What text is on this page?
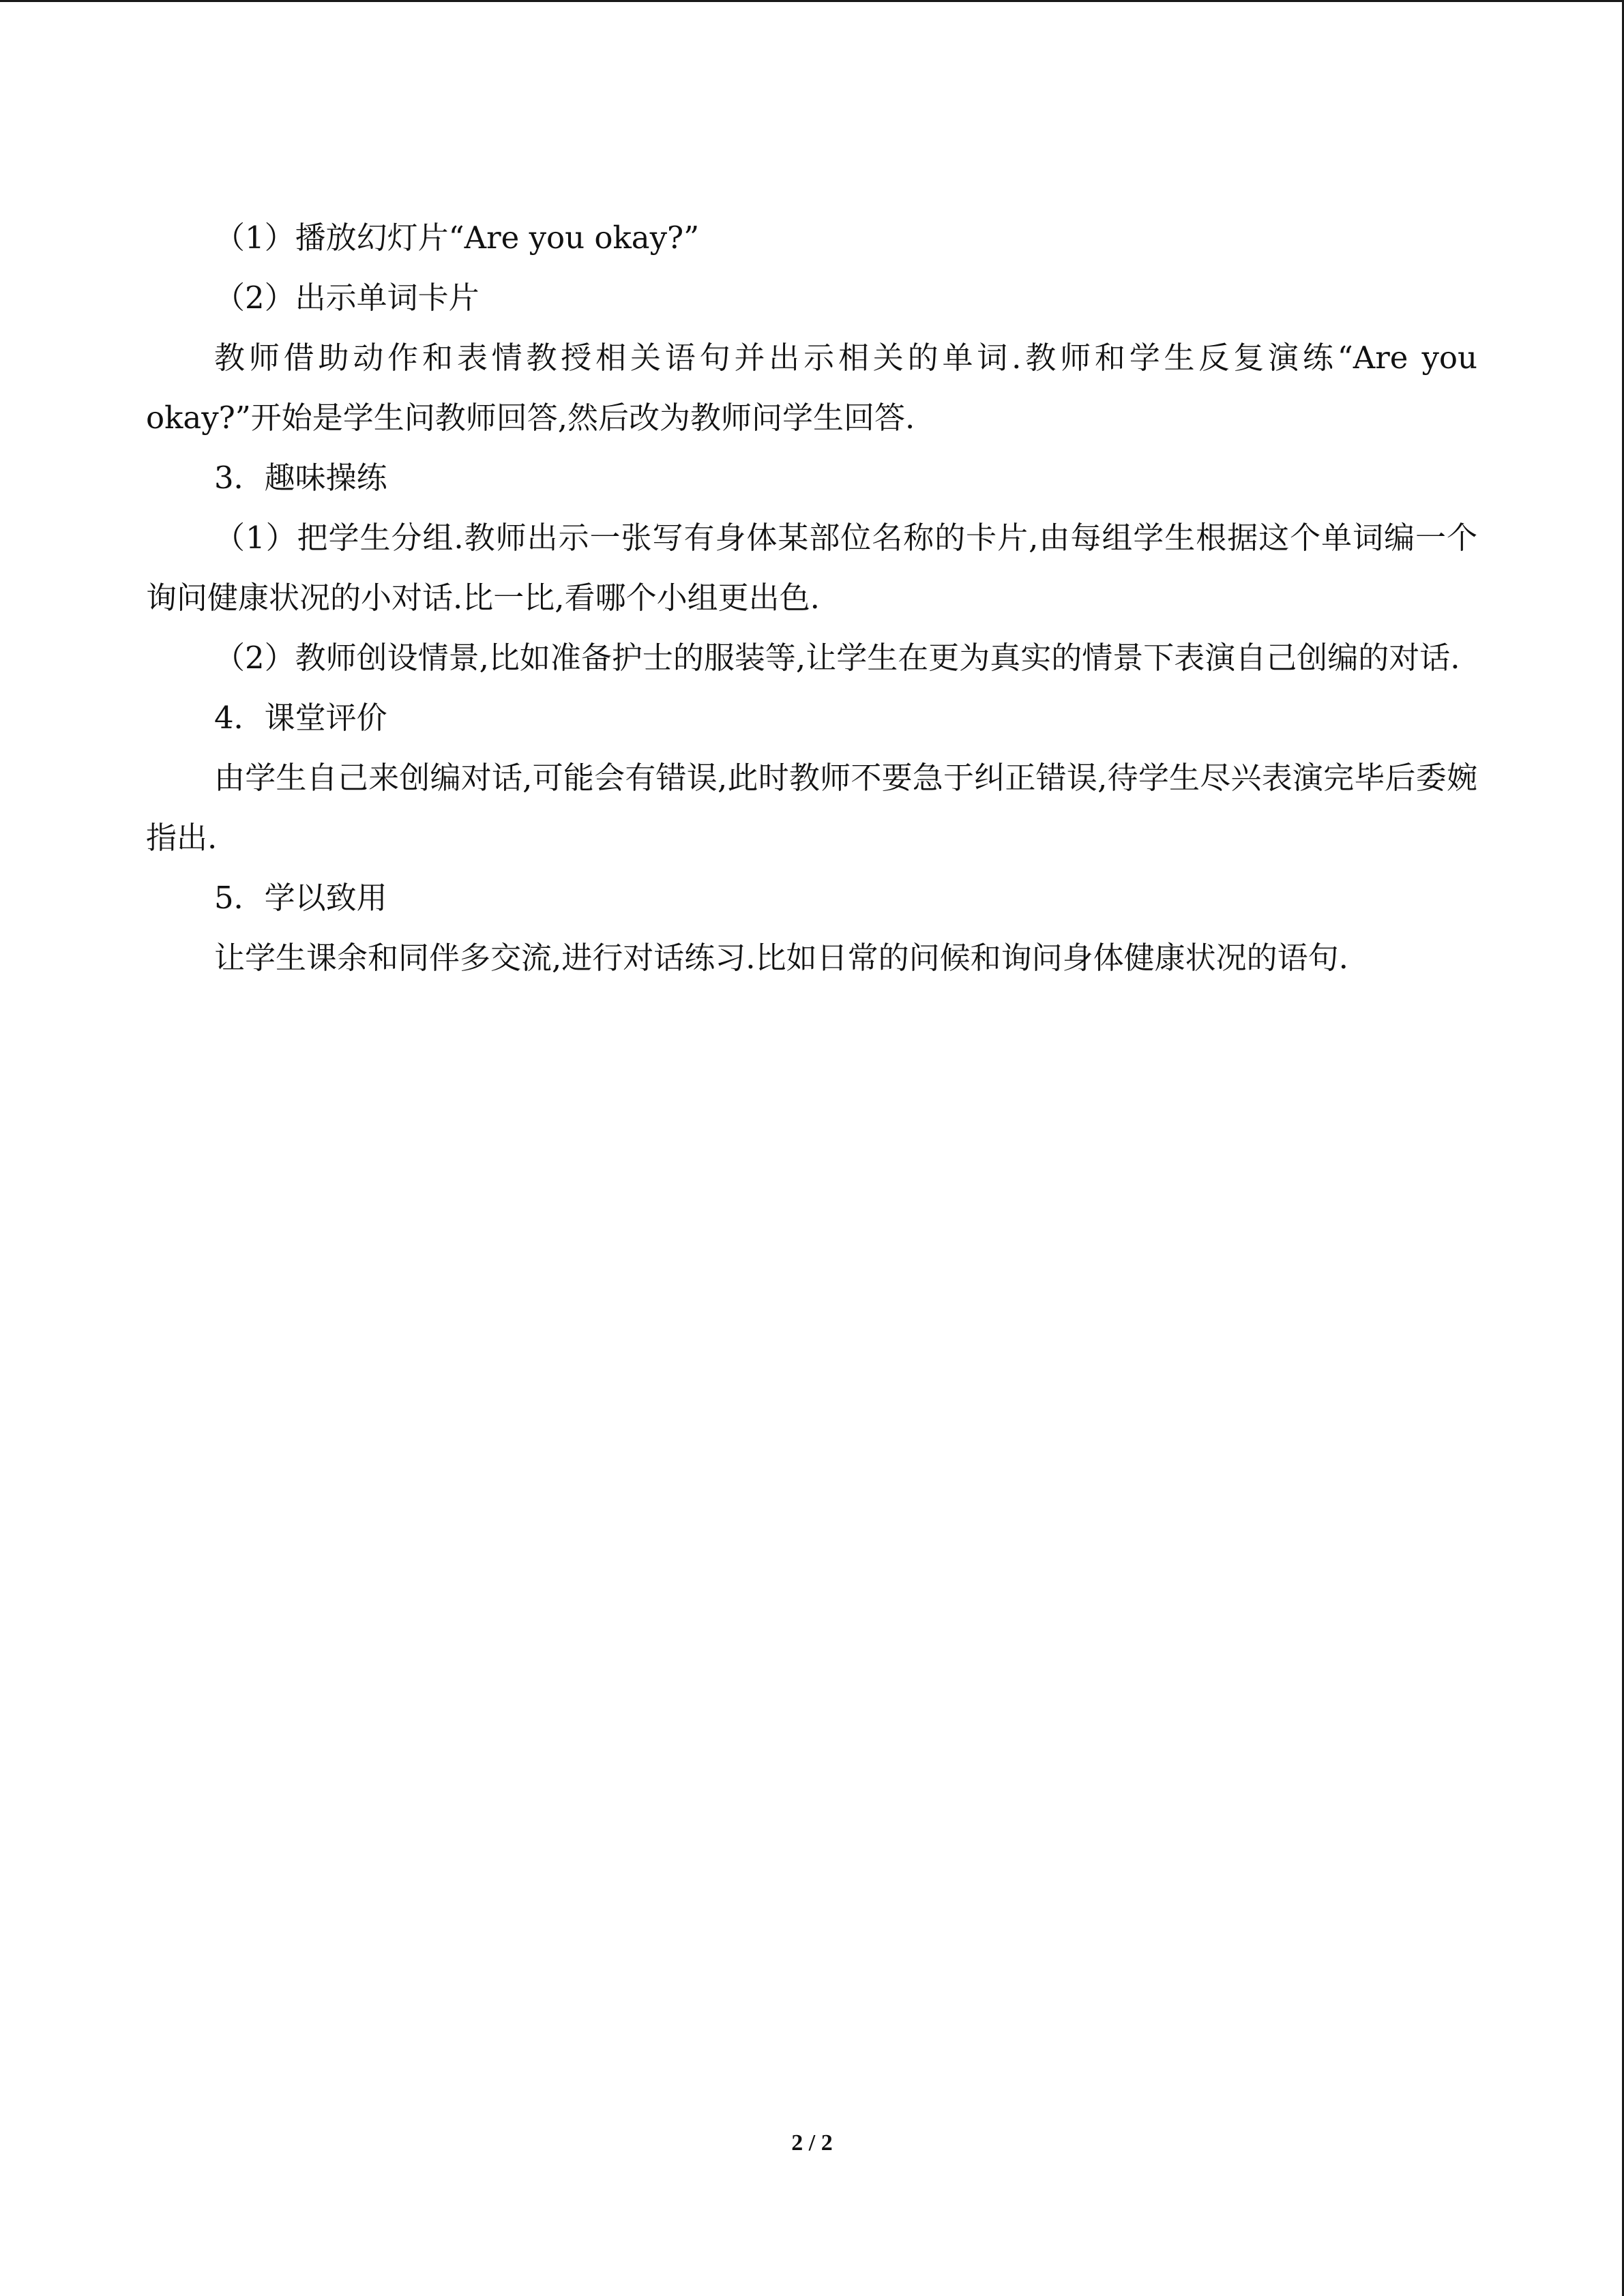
（1）播放幻灯片“Are you okay?”

（2）出示单词卡片

教师借助动作和表情教授相关语句并出示相关的单词.教师和学生反复演练“Are you okay?”开始是学生问教师回答,然后改为教师问学生回答.

3．趣味操练

（1）把学生分组.教师出示一张写有身体某部位名称的卡片,由每组学生根据这个单词编一个询问健康状况的小对话.比一比,看哪个小组更出色.

（2）教师创设情景,比如准备护士的服装等,让学生在更为真实的情景下表演自己创编的对话.

4．课堂评价

由学生自己来创编对话,可能会有错误,此时教师不要急于纠正错误,待学生尽兴表演完毕后委婉指出.

5．学以致用

让学生课余和同伴多交流,进行对话练习.比如日常的问候和询问身体健康状况的语句.

2 / 2
